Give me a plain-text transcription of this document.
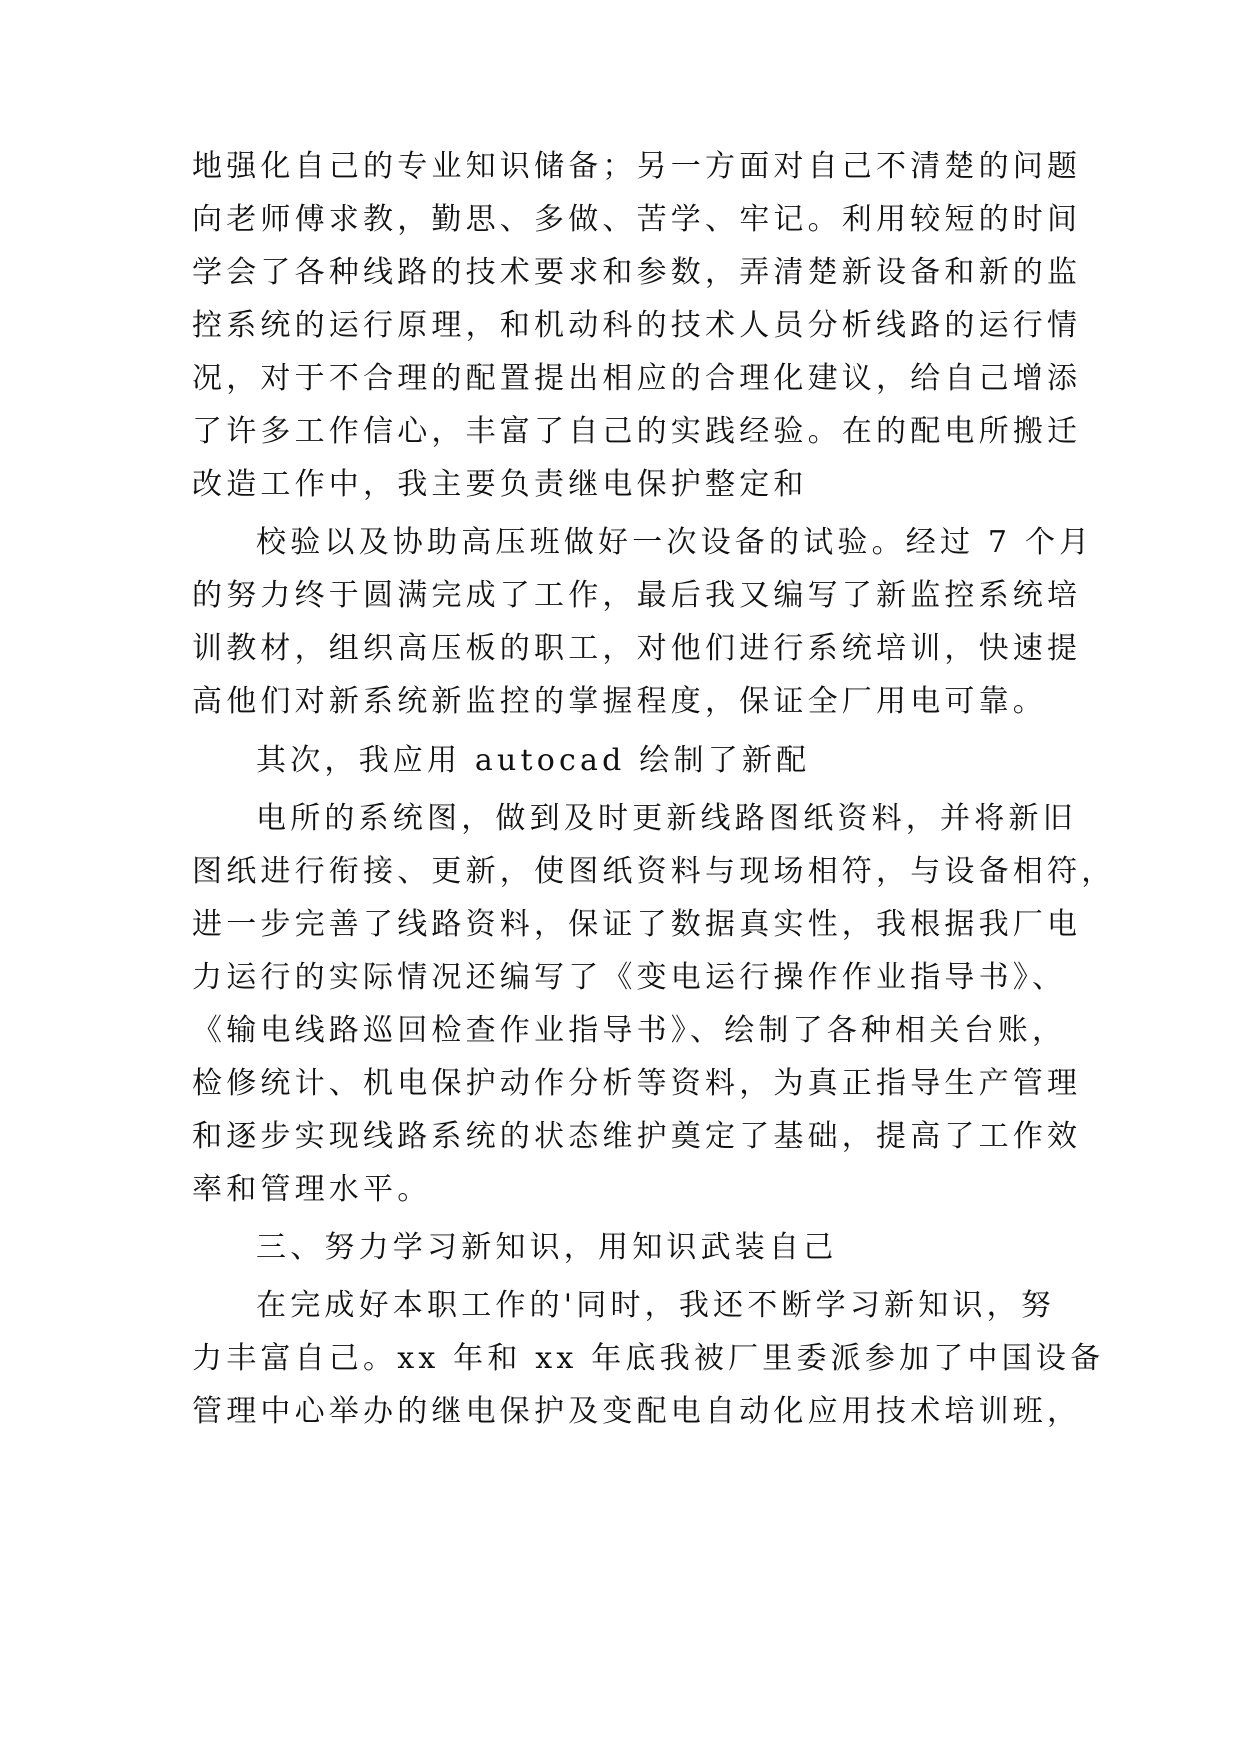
地强化自己的专业知识储备；另一方面对自己不清楚的问题
向老师傅求教，勤思、多做、苦学、牢记。利用较短的时间
学会了各种线路的技术要求和参数，弄清楚新设备和新的监
控系统的运行原理，和机动科的技术人员分析线路的运行情
况，对于不合理的配置提出相应的合理化建议，给自己增添
了许多工作信心，丰富了自己的实践经验。在的配电所搬迁
改造工作中，我主要负责继电保护整定和
校验以及协助高压班做好一次设备的试验。经过 7 个月
的努力终于圆满完成了工作，最后我又编写了新监控系统培
训教材，组织高压板的职工，对他们进行系统培训，快速提
高他们对新系统新监控的掌握程度，保证全厂用电可靠。
其次，我应用 autocad 绘制了新配
电所的系统图，做到及时更新线路图纸资料，并将新旧
图纸进行衔接、更新，使图纸资料与现场相符，与设备相符，
进一步完善了线路资料，保证了数据真实性，我根据我厂电
力运行的实际情况还编写了《变电运行操作作业指导书》、
《输电线路巡回检查作业指导书》、绘制了各种相关台账，
检修统计、机电保护动作分析等资料，为真正指导生产管理
和逐步实现线路系统的状态维护奠定了基础，提高了工作效
率和管理水平。
三、努力学习新知识，用知识武装自己
在完成好本职工作的'同时，我还不断学习新知识，努
力丰富自己。xx 年和 xx 年底我被厂里委派参加了中国设备
管理中心举办的继电保护及变配电自动化应用技术培训班，
